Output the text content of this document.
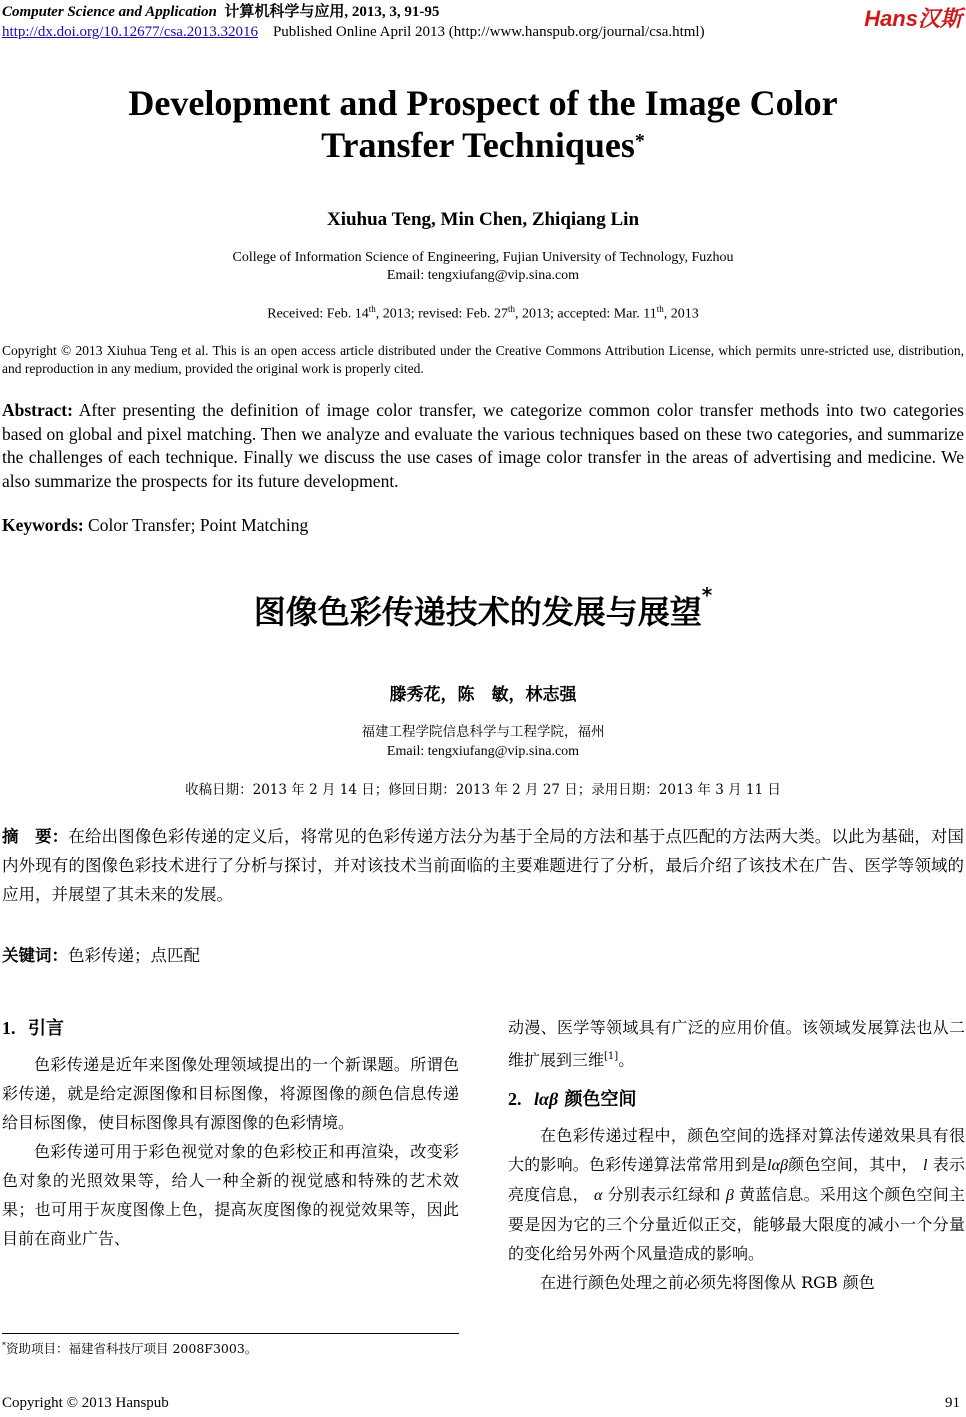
Computer Science and Application 计算机科学与应用, 2013, 3, 91-95
http://dx.doi.org/10.12677/csa.2013.32016 Published Online April 2013 (http://www.hanspub.org/journal/csa.html)
Hans汉斯
Development and Prospect of the Image Color
Transfer Techniques*
Xiuhua Teng, Min Chen, Zhiqiang Lin
College of Information Science of Engineering, Fujian University of Technology, Fuzhou
Email: tengxiufang@vip.sina.com
Received: Feb. 14th, 2013; revised: Feb. 27th, 2013; accepted: Mar. 11th, 2013
Copyright © 2013 Xiuhua Teng et al. This is an open access article distributed under the Creative Commons Attribution License, which permits unre-stricted use, distribution, and reproduction in any medium, provided the original work is properly cited.
Abstract: After presenting the definition of image color transfer, we categorize common color transfer methods into two categories based on global and pixel matching. Then we analyze and evaluate the various techniques based on these two categories, and summarize the challenges of each technique. Finally we discuss the use cases of image color transfer in the areas of advertising and medicine. We also summarize the prospects for its future development.
Keywords: Color Transfer; Point Matching
图像色彩传递技术的发展与展望*
滕秀花，陈　敏，林志强
福建工程学院信息科学与工程学院，福州
Email: tengxiufang@vip.sina.com
收稿日期：2013 年 2 月 14 日；修回日期：2013 年 2 月 27 日；录用日期：2013 年 3 月 11 日
摘　要：在给出图像色彩传递的定义后，将常见的色彩传递方法分为基于全局的方法和基于点匹配的方法两大类。以此为基础，对国内外现有的图像色彩技术进行了分析与探讨，并对该技术当前面临的主要难题进行了分析，最后介绍了该技术在广告、医学等领域的应用，并展望了其未来的发展。
关键词：色彩传递；点匹配
1. 引言
色彩传递是近年来图像处理领域提出的一个新课题。所谓色彩传递，就是给定源图像和目标图像，将源图像的颜色信息传递给目标图像，使目标图像具有源图像的色彩情境。
色彩传递可用于彩色视觉对象的色彩校正和再渲染，改变彩色对象的光照效果等，给人一种全新的视觉感和特殊的艺术效果；也可用于灰度图像上色，提高灰度图像的视觉效果等，因此目前在商业广告、
动漫、医学等领域具有广泛的应用价值。该领域发展算法也从二维扩展到三维[1]。
2. lαβ 颜色空间
在色彩传递过程中，颜色空间的选择对算法传递效果具有很大的影响。色彩传递算法常常用到是lαβ颜色空间，其中， l 表示亮度信息， α 分别表示红绿和 β 黄蓝信息。采用这个颜色空间主要是因为它的三个分量近似正交，能够最大限度的减小一个分量的变化给另外两个风量造成的影响。
在进行颜色处理之前必须先将图像从 RGB 颜色
*资助项目：福建省科技厅项目 2008F3003。
Copyright © 2013 Hanspub	91
